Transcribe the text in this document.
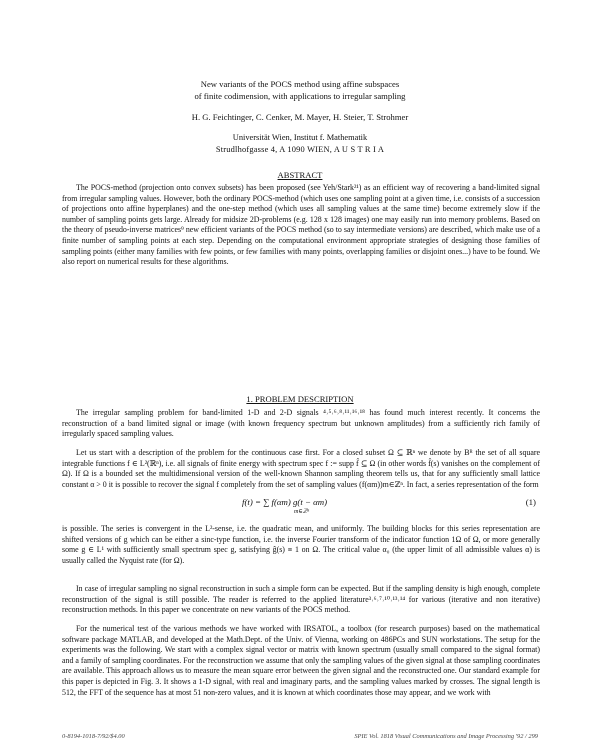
New variants of the POCS method using affine subspaces
of finite codimension, with applications to irregular sampling
H. G. Feichtinger, C. Cenker, M. Mayer, H. Steier, T. Strohmer
Universität Wien, Institut f. Mathematik
Strudlhofgasse 4, A 1090 WIEN, A U S T R I A
ABSTRACT

The POCS-method (projection onto convex subsets) has been proposed (see Yeh/Stark²¹) as an efficient way of recovering a band-limited signal from irregular sampling values. However, both the ordinary POCS-method (which uses one sampling point at a given time, i.e. consists of a succession of projections onto affine hyperplanes) and the one-step method (which uses all sampling values at the same time) become extremely slow if the number of sampling points gets large. Already for midsize 2D-problems (e.g. 128 x 128 images) one may easily run into memory problems. Based on the theory of pseudo-inverse matrices⁹ new efficient variants of the POCS method (so to say intermediate versions) are described, which make use of a finite number of sampling points at each step. Depending on the computational environment appropriate strategies of designing those families of sampling points (either many families with few points, or few families with many points, overlapping families or disjoint ones...) have to be found. We also report on numerical results for these algorithms.

1. PROBLEM DESCRIPTION

The irregular sampling problem for band-limited 1-D and 2-D signals ⁴˒⁵˒⁶˒⁸˒¹¹˒¹⁶˒¹⁸ has found much interest recently. It concerns the reconstruction of a band limited signal or image (with known frequency spectrum but unknown amplitudes) from a sufficiently rich family of irregularly spaced sampling values.

Let us start with a description of the problem for the continuous case first. For a closed subset Ω ⊆ ℝⁿ we denote by Bᴿ the set of all square integrable functions f ∈ L²(ℝⁿ), i.e. all signals of finite energy with spectrum spec f := supp f̂ ⊆ Ω (in other words f̂(s) vanishes on the complement of Ω). If Ω is a bounded set the multidimensional version of the well-known Shannon sampling theorem tells us, that for any sufficiently small lattice constant α > 0 it is possible to recover the signal f completely from the set of sampling values (f(αm))m∈ℤⁿ. In fact, a series representation of the form

f(t) = ∑ f(αm) g(t − αm)
m∈ℤⁿ
(1)

is possible. The series is convergent in the L²-sense, i.e. the quadratic mean, and uniformly. The building blocks for this series representation are shifted versions of g which can be either a sinc-type function, i.e. the inverse Fourier transform of the indicator function 1Ω of Ω, or more generally some g ∈ L¹ with sufficiently small spectrum spec g, satisfying ĝ(s) ≡ 1 on Ω. The critical value α₀ (the upper limit of all admissible values α) is usually called the Nyquist rate (for Ω).

In case of irregular sampling no signal reconstruction in such a simple form can be expected. But if the sampling density is high enough, complete reconstruction of the signal is still possible. The reader is referred to the applied literature³˒⁶˒⁷˒¹⁰˒¹³˒¹⁴ for various (iterative and non iterative) reconstruction methods. In this paper we concentrate on new variants of the POCS method.

For the numerical test of the various methods we have worked with IRSATOL, a toolbox (for research purposes) based on the mathematical software package MATLAB, and developed at the Math.Dept. of the Univ. of Vienna, working on 486PCs and SUN workstations. The setup for the experiments was the following. We start with a complex signal vector or matrix with known spectrum (usually small compared to the signal format) and a family of sampling coordinates. For the reconstruction we assume that only the sampling values of the given signal at those sampling coordinates are available. This approach allows us to measure the mean square error between the given signal and the reconstructed one. Our standard example for this paper is depicted in Fig. 3. It shows a 1-D signal, with real and imaginary parts, and the sampling values marked by crosses. The signal length is 512, the FFT of the sequence has at most 51 non-zero values, and it is known at which coordinates those may appear, and we work with

0-8194-1018-7/92/$4.00	SPIE Vol. 1818 Visual Communications and Image Processing '92 / 299
